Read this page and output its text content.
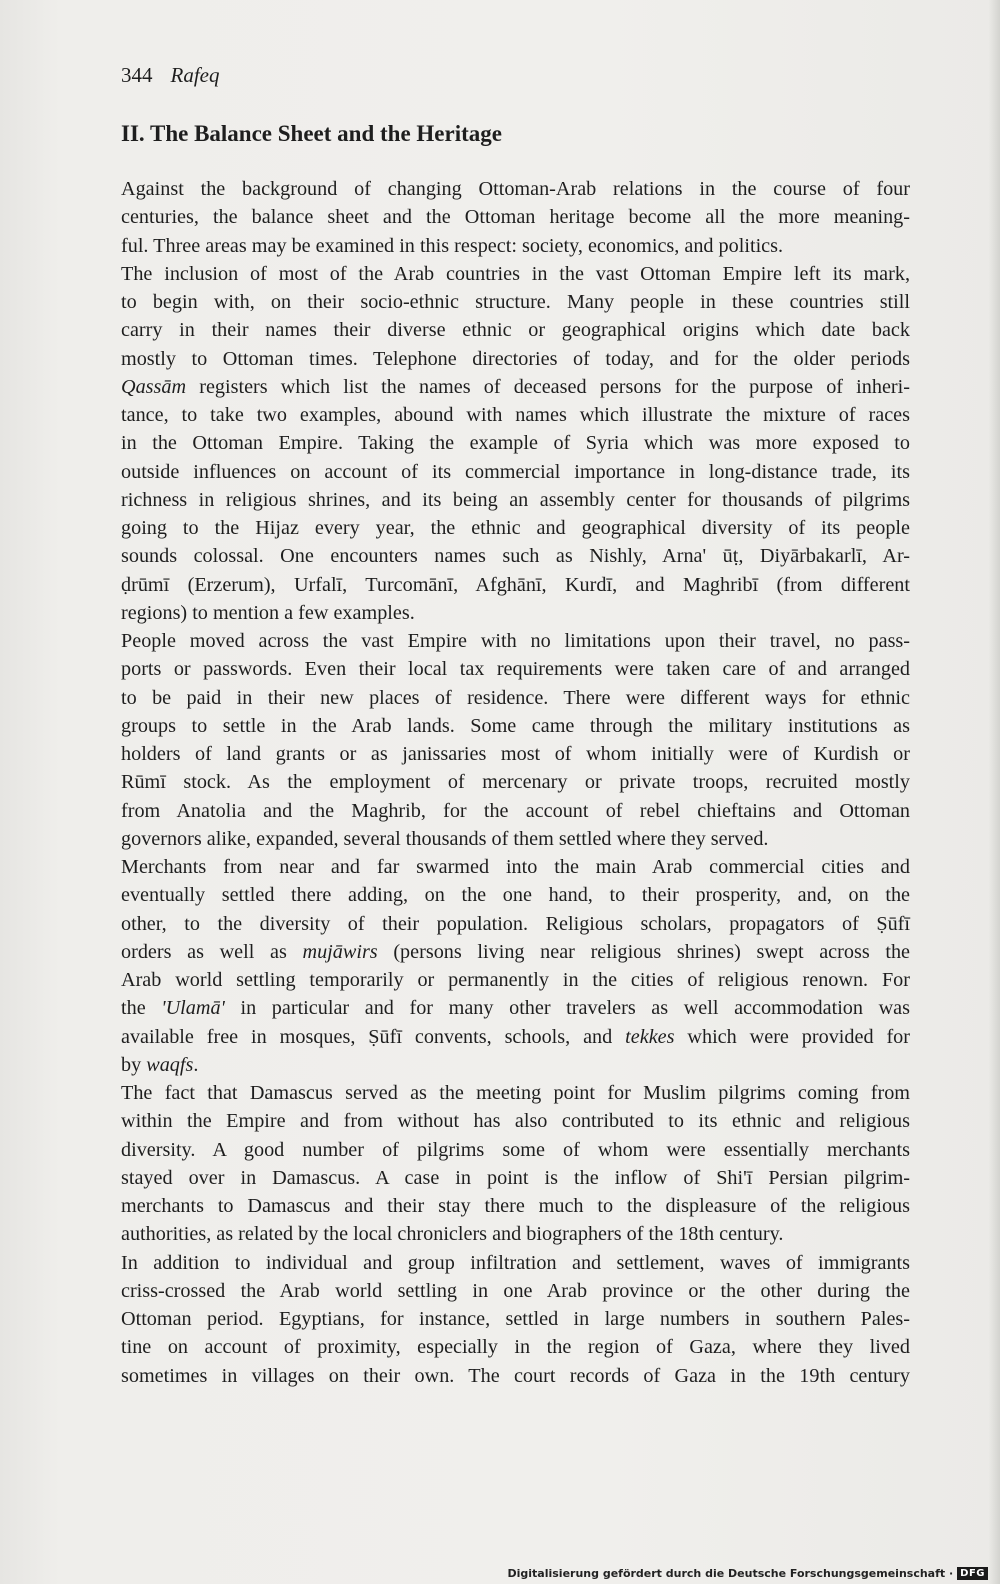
344 Rafeq
II. The Balance Sheet and the Heritage
Against the background of changing Ottoman-Arab relations in the course of four
centuries, the balance sheet and the Ottoman heritage become all the more meaning-
ful. Three areas may be examined in this respect: society, economics, and politics.
The inclusion of most of the Arab countries in the vast Ottoman Empire left its mark,
to begin with, on their socio-ethnic structure. Many people in these countries still
carry in their names their diverse ethnic or geographical origins which date back
mostly to Ottoman times. Telephone directories of today, and for the older periods
Qassām registers which list the names of deceased persons for the purpose of inheri-
tance, to take two examples, abound with names which illustrate the mixture of races
in the Ottoman Empire. Taking the example of Syria which was more exposed to
outside influences on account of its commercial importance in long-distance trade, its
richness in religious shrines, and its being an assembly center for thousands of pilgrims
going to the Hijaz every year, the ethnic and geographical diversity of its people
sounds colossal. One encounters names such as Nishly, Arna' ūṭ, Diyārbakarlī, Ar-
ḍrūmī (Erzerum), Urfalī, Turcomānī, Afghānī, Kurdī, and Maghribī (from different
regions) to mention a few examples.
People moved across the vast Empire with no limitations upon their travel, no pass-
ports or passwords. Even their local tax requirements were taken care of and arranged
to be paid in their new places of residence. There were different ways for ethnic
groups to settle in the Arab lands. Some came through the military institutions as
holders of land grants or as janissaries most of whom initially were of Kurdish or
Rūmī stock. As the employment of mercenary or private troops, recruited mostly
from Anatolia and the Maghrib, for the account of rebel chieftains and Ottoman
governors alike, expanded, several thousands of them settled where they served.
Merchants from near and far swarmed into the main Arab commercial cities and
eventually settled there adding, on the one hand, to their prosperity, and, on the
other, to the diversity of their population. Religious scholars, propagators of Ṣūfī
orders as well as mujāwirs (persons living near religious shrines) swept across the
Arab world settling temporarily or permanently in the cities of religious renown. For
the 'Ulamā' in particular and for many other travelers as well accommodation was
available free in mosques, Ṣūfī convents, schools, and tekkes which were provided for
by waqfs.
The fact that Damascus served as the meeting point for Muslim pilgrims coming from
within the Empire and from without has also contributed to its ethnic and religious
diversity. A good number of pilgrims some of whom were essentially merchants
stayed over in Damascus. A case in point is the inflow of Shi'ī Persian pilgrim-
merchants to Damascus and their stay there much to the displeasure of the religious
authorities, as related by the local chroniclers and biographers of the 18th century.
In addition to individual and group infiltration and settlement, waves of immigrants
criss-crossed the Arab world settling in one Arab province or the other during the
Ottoman period. Egyptians, for instance, settled in large numbers in southern Pales-
tine on account of proximity, especially in the region of Gaza, where they lived
sometimes in villages on their own. The court records of Gaza in the 19th century
Digitalisierung gefördert durch die Deutsche Forschungsgemeinschaft · DFG
